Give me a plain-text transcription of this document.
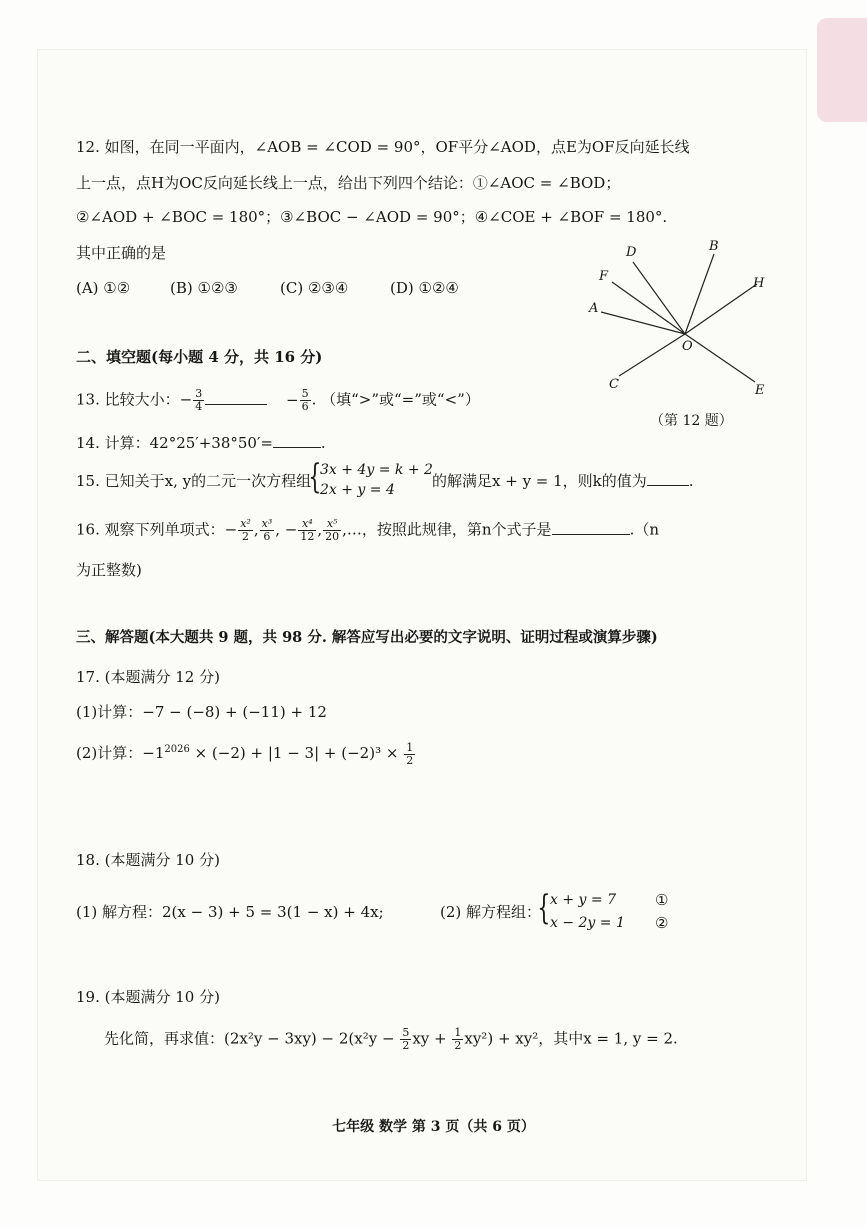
12. 如图，在同一平面内，∠AOB = ∠COD = 90°，OF平分∠AOD，点E为OF反向延长线
上一点，点H为OC反向延长线上一点，给出下列四个结论：①∠AOC = ∠BOD；
②∠AOD + ∠BOC = 180°；③∠BOC − ∠AOD = 90°；④∠COE + ∠BOF = 180°.
其中正确的是
(A) ①②	(B) ①②③	(C) ②③④	(D) ①②④
D	B
F	H
A
O
C	E
（第 12 题）
二、填空题(每小题 4 分，共 16 分)
13. 比较大小：− $\frac{3}{4}$	− $\frac{5}{6}$ . （填“>”或“=”或“<”）
14. 计算：42°25′+38°50′=	.
15. 已知关于x, y的二元一次方程组
{
3x + 4y = k + 2
2x + y = 4 的解满足x + y = 1，则k的值为	.
16. 观察下列单项式：− $\frac{\text{x²}}{2}$ , $\frac{\text{x³}}{6}$ , − $\frac{\text{x⁴}}{12}$ , $\frac{\text{x⁵}}{20}$ ,…，按照此规律，第n个式子是	.（n
为正整数)
三、解答题(本大题共 9 题，共 98 分. 解答应写出必要的文字说明、证明过程或演算步骤)
17. (本题满分 12 分)
(1)计算：−7 − (−8) + (−11) + 12
(2)计算：$-1^{2026} \times (-2) + |1 - 3| + (-2)^3 \times \frac{1}{2}$
18. (本题满分 10 分)
(1) 解方程：2(x − 3) + 5 = 3(1 − x) + 4x;	(2) 解方程组：
{ x + y = 7
x − 2y = 1
①
②
19. (本题满分 10 分)
先化简，再求值：$(2x^2y - 3xy) - 2(x^2y - \frac{5}{2}$ xy + $\frac{1}{2} xy^2) + xy^2$，其中x = 1, y = 2.
七年级 数学 第 3 页（共 6 页）
